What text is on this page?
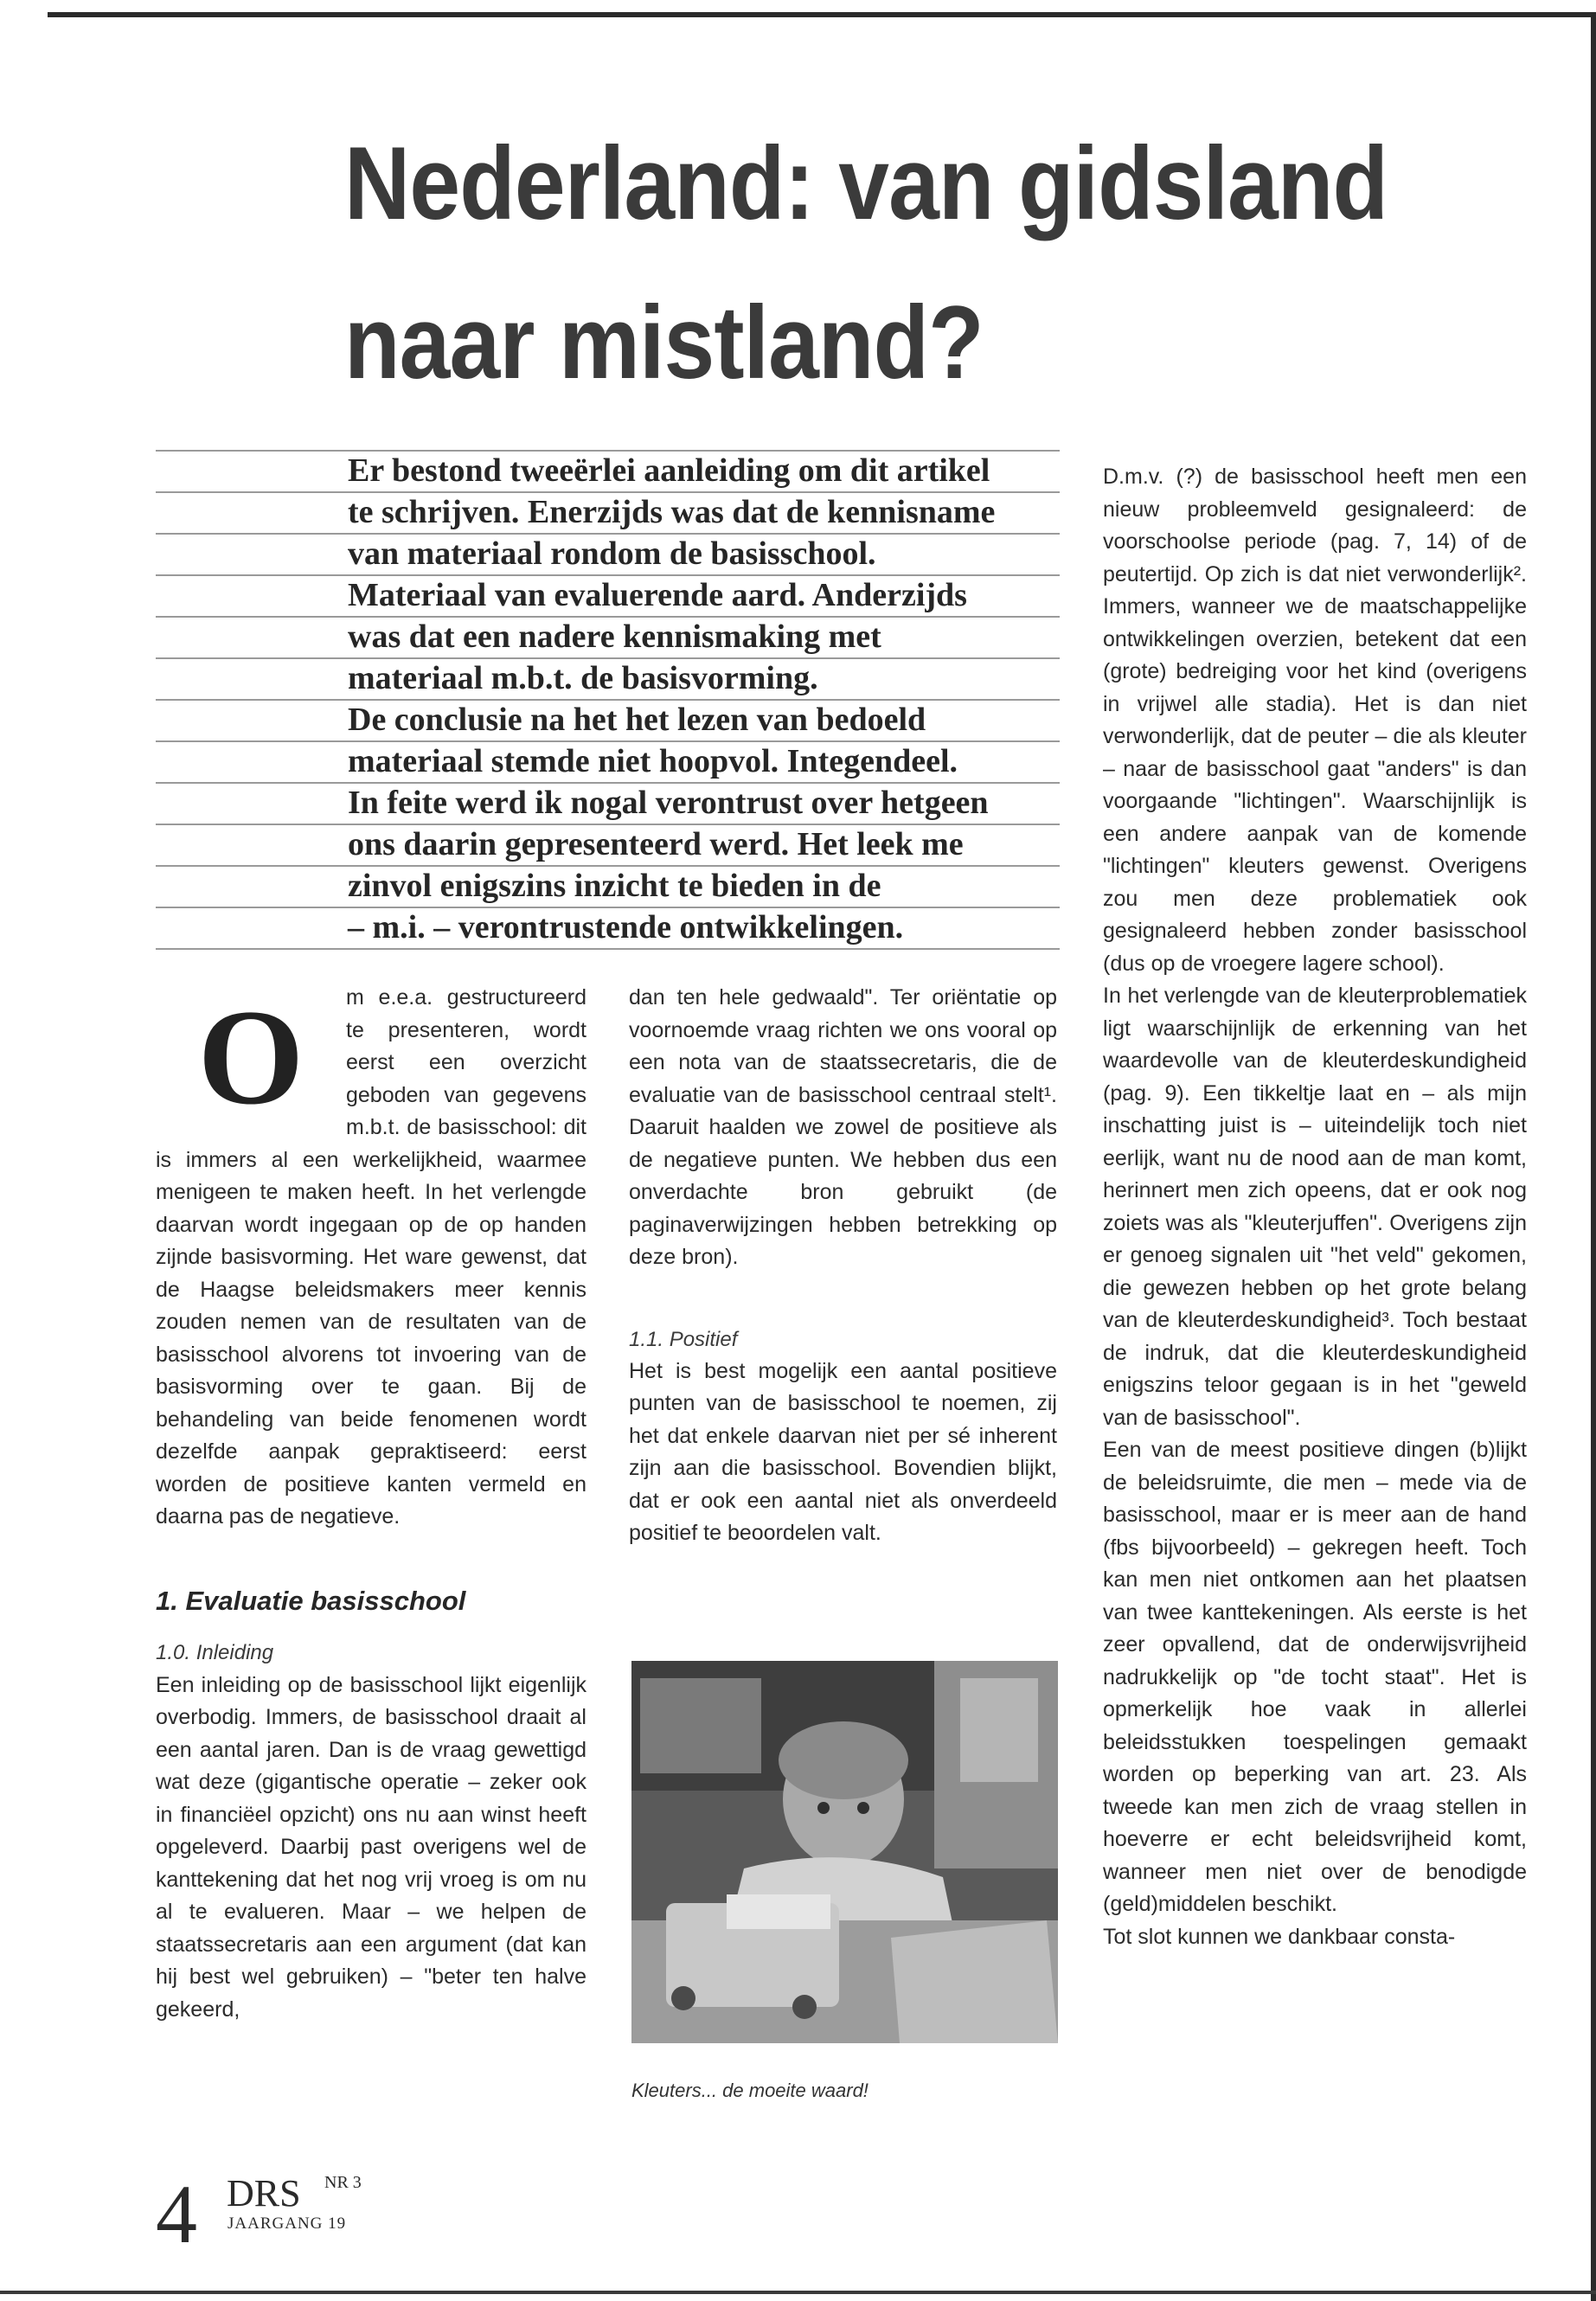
Nederland: van gidsland naar mistland?
Er bestond tweeërlei aanleiding om dit artikel
te schrijven. Enerzijds was dat de kennisname
van materiaal rondom de basisschool.
Materiaal van evaluerende aard. Anderzijds
was dat een nadere kennismaking met
materiaal m.b.t. de basisvorming.
De conclusie na het het lezen van bedoeld
materiaal stemde niet hoopvol. Integendeel.
In feite werd ik nogal verontrust over hetgeen
ons daarin gepresenteerd werd. Het leek me
zinvol enigszins inzicht te bieden in de
– m.i. – verontrustende ontwikkelingen.
O	m e.e.a. gestructureerd te presenteren, wordt eerst een overzicht geboden van gegevens m.b.t. de basisschool: dit is immers al een werkelijkheid, waarmee menigeen te maken heeft. In het verlengde daarvan wordt ingegaan op de op handen zijnde basisvorming. Het ware gewenst, dat de Haagse beleidsmakers meer kennis zouden nemen van de resultaten van de basisschool alvorens tot invoering van de basisvorming over te gaan. Bij de behandeling van beide fenomenen wordt dezelfde aanpak gepraktiseerd: eerst worden de positieve kanten vermeld en daarna pas de negatieve.

1. Evaluatie basisschool

1.0. Inleiding

Een inleiding op de basisschool lijkt eigenlijk overbodig. Immers, de basisschool draait al een aantal jaren. Dan is de vraag gewettigd wat deze (gigantische operatie – zeker ook in financiëel opzicht) ons nu aan winst heeft opgeleverd. Daarbij past overigens wel de kanttekening dat het nog vrij vroeg is om nu al te evalueren. Maar – we helpen de staatssecretaris aan een argument (dat kan hij best wel gebruiken) – "beter ten halve gekeerd,

dan ten hele gedwaald". Ter oriëntatie op voornoemde vraag richten we ons vooral op een nota van de staatssecretaris, die de evaluatie van de basisschool centraal stelt¹. Daaruit haalden we zowel de positieve als de negatieve punten. We hebben dus een onverdachte bron gebruikt (de paginaverwijzingen hebben betrekking op deze bron).

1.1. Positief

Het is best mogelijk een aantal positieve punten van de basisschool te noemen, zij het dat enkele daarvan niet per sé inherent zijn aan die basisschool. Bovendien blijkt, dat er ook een aantal niet als onverdeeld positief te beoordelen valt.

Kleuters... de moeite waard!

D.m.v. (?) de basisschool heeft men een nieuw probleemveld gesignaleerd: de voorschoolse periode (pag. 7, 14) of de peutertijd. Op zich is dat niet verwonderlijk². Immers, wanneer we de maatschappelijke ontwikkelingen overzien, betekent dat een (grote) bedreiging voor het kind (overigens in vrijwel alle stadia). Het is dan niet verwonderlijk, dat de peuter – die als kleuter – naar de basisschool gaat "anders" is dan voorgaande "lichtingen". Waarschijnlijk is een andere aanpak van de komende "lichtingen" kleuters gewenst. Overigens zou men deze problematiek ook gesignaleerd hebben zonder basisschool (dus op de vroegere lagere school).

In het verlengde van de kleuterproblematiek ligt waarschijnlijk de erkenning van het waardevolle van de kleuterdeskundigheid (pag. 9). Een tikkeltje laat en – als mijn inschatting juist is – uiteindelijk toch niet eerlijk, want nu de nood aan de man komt, herinnert men zich opeens, dat er ook nog zoiets was als "kleuterjuffen". Overigens zijn er genoeg signalen uit "het veld" gekomen, die gewezen hebben op het grote belang van de kleuterdeskundigheid³. Toch bestaat de indruk, dat die kleuterdeskundigheid enigszins teloor gegaan is in het "geweld van de basisschool".

Een van de meest positieve dingen (b)lijkt de beleidsruimte, die men – mede via de basisschool, maar er is meer aan de hand (fbs bijvoorbeeld) – gekregen heeft. Toch kan men niet ontkomen aan het plaatsen van twee kanttekeningen. Als eerste is het zeer opvallend, dat de onderwijsvrijheid nadrukkelijk op "de tocht staat". Het is opmerkelijk hoe vaak in allerlei beleidsstukken toespelingen gemaakt worden op beperking van art. 23. Als tweede kan men zich de vraag stellen in hoeverre er echt beleidsvrijheid komt, wanneer men niet over de benodigde (geld)middelen beschikt.

Tot slot kunnen we dankbaar consta-

4 DRS NR 3
JAARGANG 19
